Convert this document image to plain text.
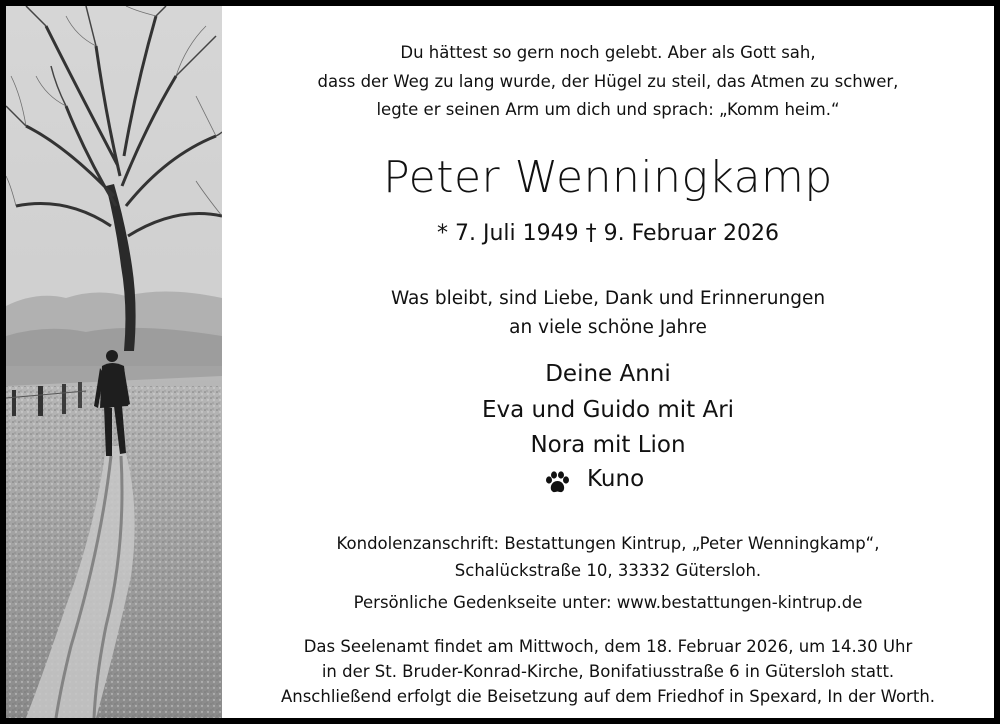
Du hättest so gern noch gelebt. Aber als Gott sah,
dass der Weg zu lang wurde, der Hügel zu steil, das Atmen zu schwer,
legte er seinen Arm um dich und sprach: „Komm heim.“
Peter Wenningkamp
* 7. Juli 1949 † 9. Februar 2026
Was bleibt, sind Liebe, Dank und Erinnerungen
an viele schöne Jahre
Deine Anni
Eva und Guido mit Ari
Nora mit Lion
Kuno
Kondolenzanschrift: Bestattungen Kintrup, „Peter Wenningkamp“,
Schalückstraße 10, 33332 Gütersloh.
Persönliche Gedenkseite unter: www.bestattungen-kintrup.de
Das Seelenamt findet am Mittwoch, dem 18. Februar 2026, um 14.30 Uhr
in der St. Bruder-Konrad-Kirche, Bonifatiusstraße 6 in Gütersloh statt.
Anschließend erfolgt die Beisetzung auf dem Friedhof in Spexard, In der Worth.
